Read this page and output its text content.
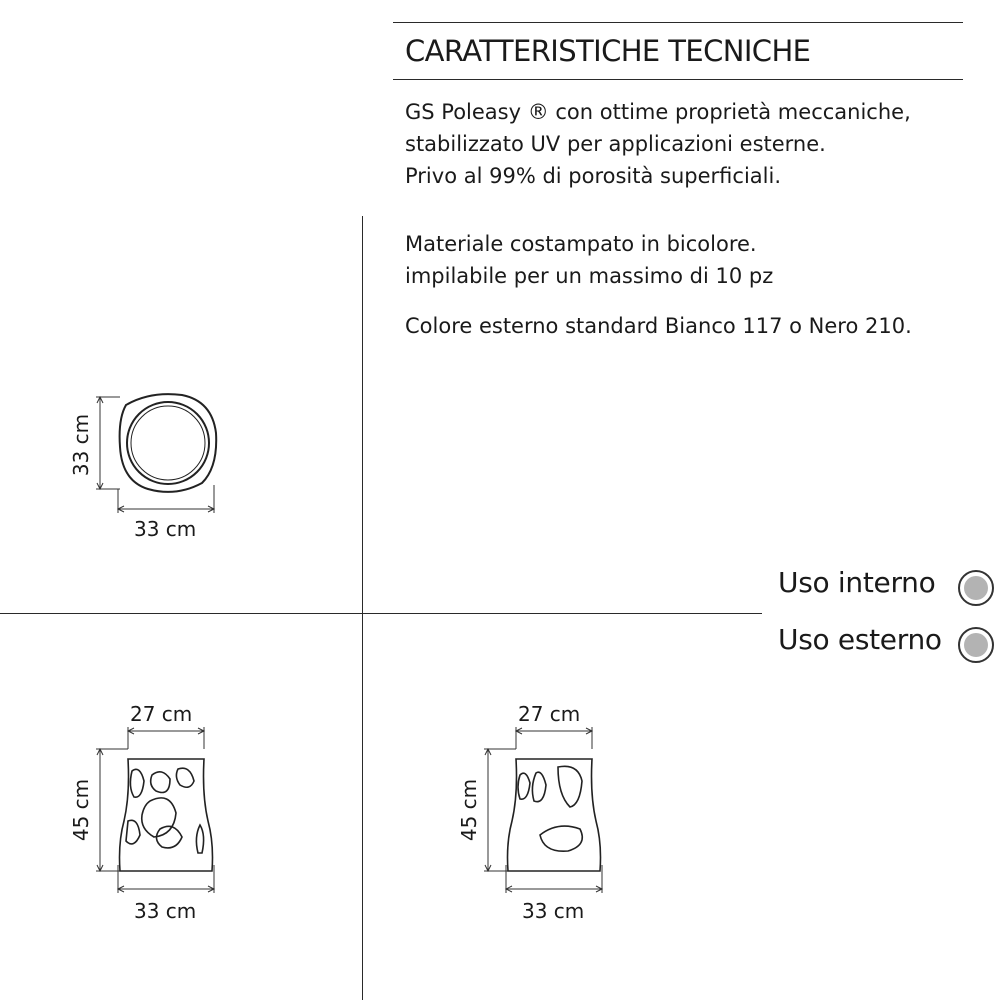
CARATTERISTICHE TECNICHE
GS Poleasy ® con ottime proprietà meccaniche,
stabilizzato UV per applicazioni esterne.
Privo al 99% di porosità superficiali.
Materiale costampato in bicolore.
impilabile per un massimo di 10 pz
Colore esterno standard Bianco 117 o Nero 210.
33 cm
33 cm
27 cm
45 cm
33 cm
27 cm
45 cm
33 cm
Uso interno
Uso esterno
